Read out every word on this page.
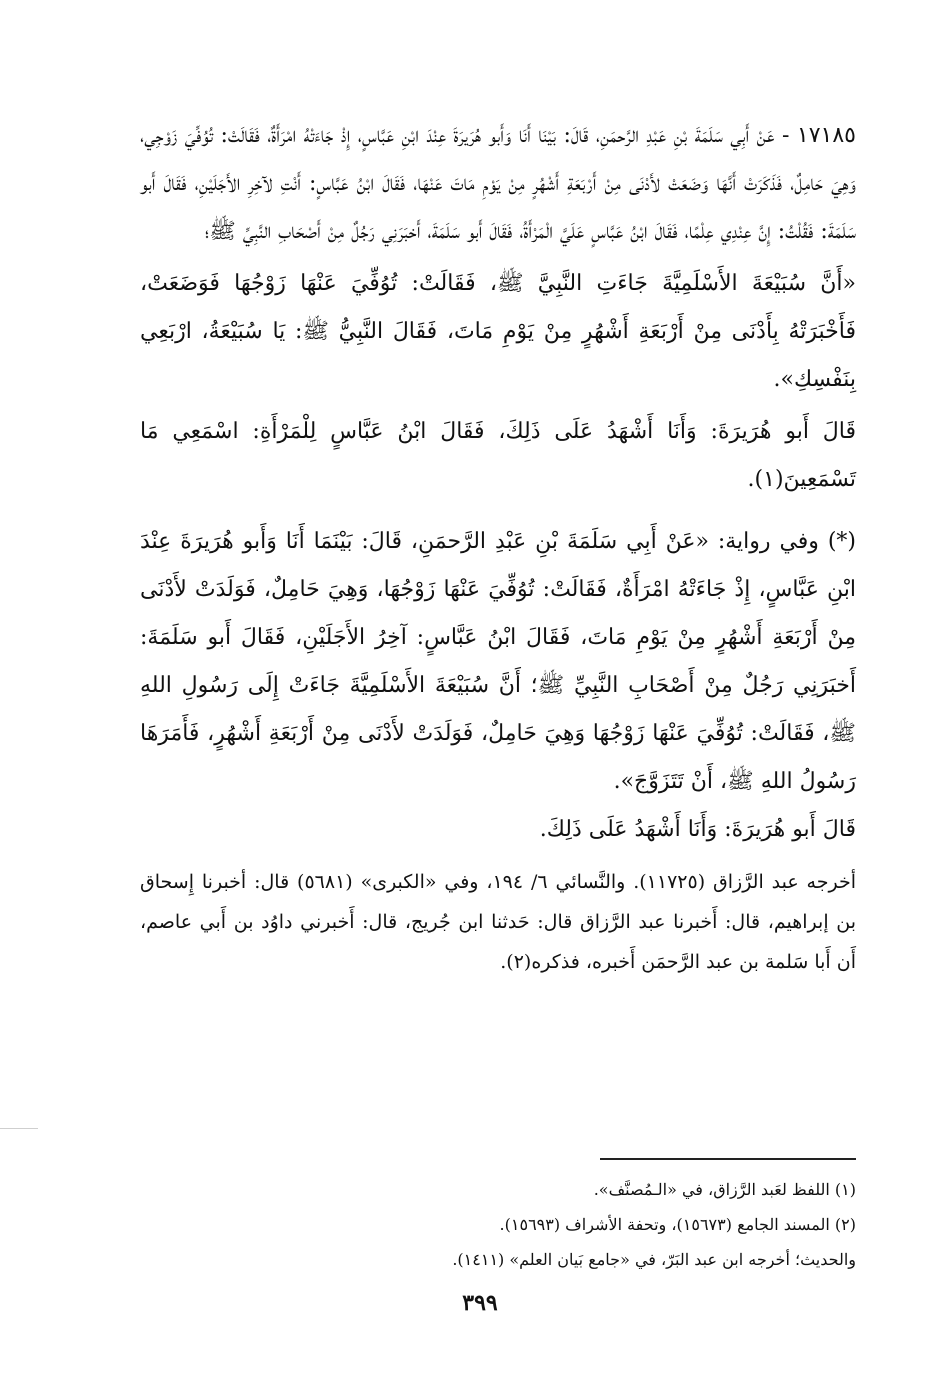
١٧١٨٥ - عَنْ أَبِي سَلَمَةَ بْنِ عَبْدِ الرَّحمَنِ، قَالَ: بَيْنَا أَنَا وَأَبو هُرَيرَةَ عِنْدَ ابْنِ عَبَّاسٍ، إِذْ جَاءَتْهُ امْرَأَةٌ، فَقَالَتْ: تُوُفِّيَ زَوْجِي، وَهِيَ حَامِلٌ، فَذَكَرَتْ أَنَّهَا وَضَعَتْ لأَدْنَى مِنْ أَرْبَعَةِ أَشْهُرٍ مِنْ يَوْمِ مَاتَ عَنْهَا، فَقَالَ ابْنُ عَبَّاسٍ: أَنْتِ لآخِرِ الأَجَلَيْنِ، فَقَالَ أَبو سَلَمَةَ: فَقُلْتُ: إِنَّ عِنْدِي عِلْمًا، فَقَالَ ابْنُ عَبَّاسٍ عَلَيَّ الْمَرْأَةُ، فَقَالَ أَبو سَلَمَةَ، أَخبَرَنِي رَجُلٌ مِنْ أَصْحَابِ النَّبِيِّ ﷺ؛

«أَنَّ سُبَيْعَةَ الأَسْلَمِيَّةَ جَاءَتِ النَّبِيَّ ﷺ، فَقَالَتْ: تُوُفِّيَ عَنْهَا زَوْجُهَا فَوَضَعَتْ، فَأَخْبَرَتْهُ بِأَدْنَى مِنْ أَرْبَعَةِ أَشْهُرٍ مِنْ يَوْمِ مَاتَ، فَقَالَ النَّبِيُّ ﷺ: يَا سُبَيْعَةُ، ارْبَعِي بِنَفْسِكِ».

قَالَ أَبو هُرَيرَةَ: وَأَنَا أَشْهَدُ عَلَى ذَلِكَ، فَقَالَ ابْنُ عَبَّاسٍ لِلْمَرْأَةِ: اسْمَعِي مَا تَسْمَعِينَ(١).

(*) وفي رواية: «عَنْ أَبِي سَلَمَةَ بْنِ عَبْدِ الرَّحمَنِ، قَالَ: بَيْنَمَا أَنَا وَأَبو هُرَيرَةَ عِنْدَ ابْنِ عَبَّاسٍ، إِذْ جَاءَتْهُ امْرَأَةٌ، فَقَالَتْ: تُوُفِّيَ عَنْهَا زَوْجُهَا، وَهِيَ حَامِلٌ، فَوَلَدَتْ لأَدْنَى مِنْ أَرْبَعَةِ أَشْهُرٍ مِنْ يَوْمِ مَاتَ، فَقَالَ ابْنُ عَبَّاسٍ: آخِرُ الأَجَلَيْنِ، فَقَالَ أَبو سَلَمَةَ: أَخبَرَنِي رَجُلٌ مِنْ أَصْحَابِ النَّبِيِّ ﷺ؛ أَنَّ سُبَيْعَةَ الأَسْلَمِيَّةَ جَاءَتْ إِلَى رَسُولِ اللهِ ﷺ، فَقَالَتْ: تُوُفِّيَ عَنْهَا زَوْجُهَا وَهِيَ حَامِلٌ، فَوَلَدَتْ لأَدْنَى مِنْ أَرْبَعَةِ أَشْهُرٍ، فَأَمَرَهَا رَسُولُ اللهِ ﷺ، أَنْ تَتَزَوَّجَ».

قَالَ أَبو هُرَيرَةَ: وَأَنَا أَشْهَدُ عَلَى ذَلِكَ.

أخرجه عبد الرَّزاق (١١٧٢٥). والنَّسائي ٦/ ١٩٤، وفي «الكبرى» (٥٦٨١) قال: أخبرنا إِسحاق بن إبراهيم، قال: أَخبرنا عبد الرَّزاق قال: حَدثنا ابن جُريج، قال: أَخبرني داوُد بن أَبي عاصم، أَن أَبا سَلمة بن عبد الرَّحمَن أَخبره، فذكره(٢).

(١) اللفظ لعَبد الرَّزاق، في «الـمُصنَّف».

(٢) المسند الجامع (١٥٦٧٣)، وتحفة الأشراف (١٥٦٩٣).

والحديث؛ أخرجه ابن عبد البَرّ، في «جامع بَيان العلم» (١٤١١).

٣٩٩
